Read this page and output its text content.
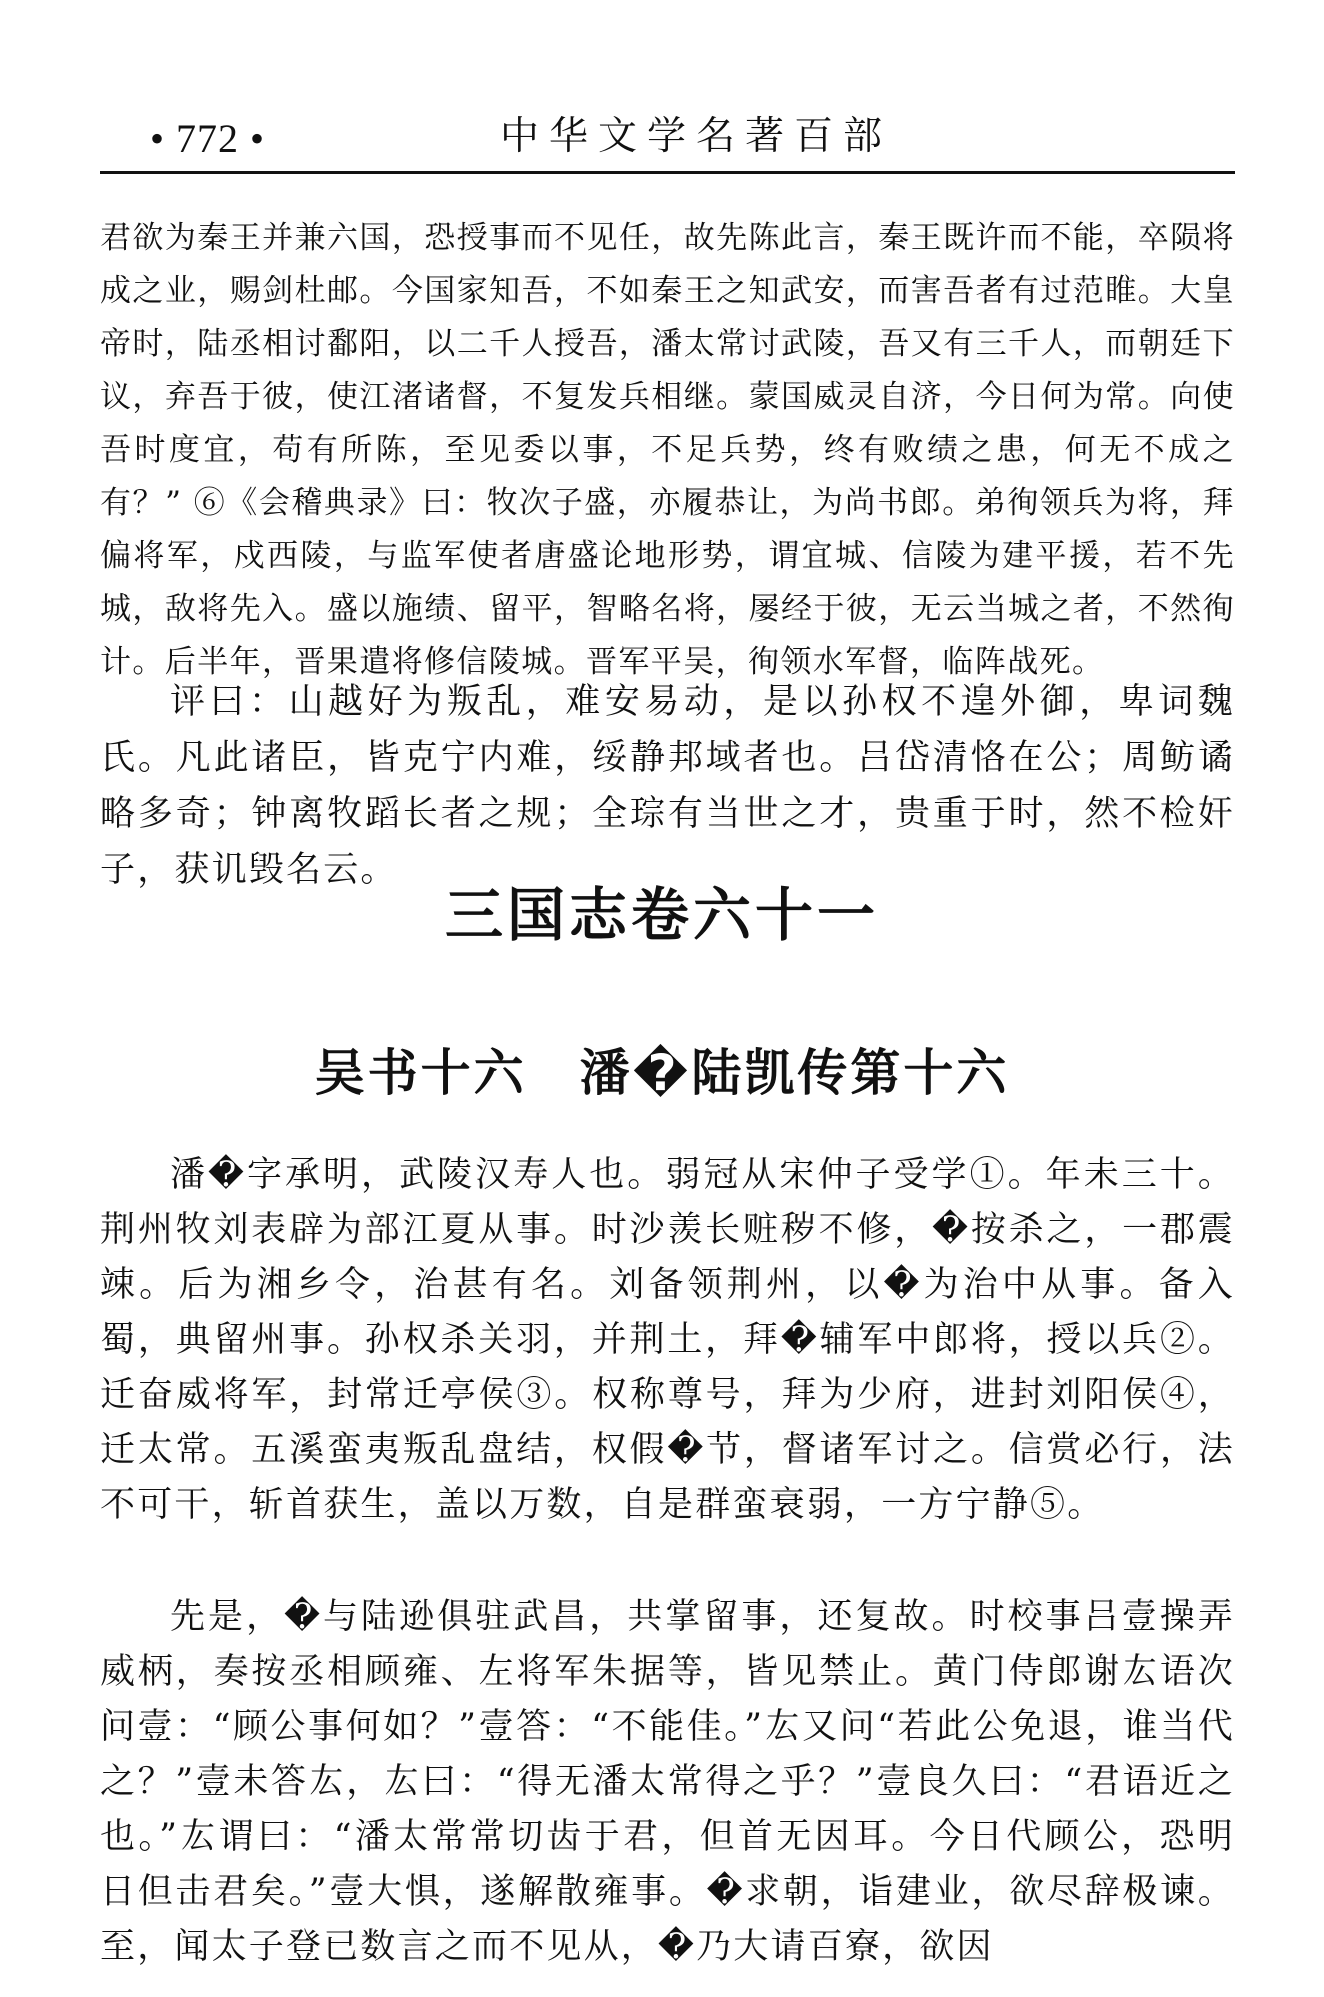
• 772 •	中华文学名著百部

君欲为秦王并兼六国，恐授事而不见任，故先陈此言，秦王既许而不能，卒陨将成之业，赐剑杜邮。今国家知吾，不如秦王之知武安，而害吾者有过范睢。大皇帝时，陆丞相讨鄱阳，以二千人授吾，潘太常讨武陵，吾又有三千人，而朝廷下议，弃吾于彼，使江渚诸督，不复发兵相继。蒙国威灵自济，今日何为常。向使吾时度宜，苟有所陈，至见委以事，不足兵势，终有败绩之患，何无不成之有？” ⑥《会稽典录》曰：牧次子盛，亦履恭让，为尚书郎。弟徇领兵为将，拜偏将军，戍西陵，与监军使者唐盛论地形势，谓宜城、信陵为建平援，若不先城，敌将先入。盛以施绩、留平，智略名将，屡经于彼，无云当城之者，不然徇计。后半年，晋果遣将修信陵城。晋军平吴，徇领水军督，临阵战死。

评曰：山越好为叛乱，难安易动，是以孙权不遑外御，卑词魏氏。凡此诸臣，皆克宁内难，绥静邦域者也。吕岱清恪在公；周鲂谲略多奇；钟离牧蹈长者之规；全琮有当世之才，贵重于时，然不检奸子，获讥毁名云。

三国志卷六十一
吴书十六　潘�陆凯传第十六

潘�字承明，武陵汉寿人也。弱冠从宋仲子受学①。年未三十。荆州牧刘表辟为部江夏从事。时沙羡长赃秽不修，�按杀之，一郡震竦。后为湘乡令，治甚有名。刘备领荆州，以�为治中从事。备入蜀，典留州事。孙权杀关羽，并荆土，拜�辅军中郎将，授以兵②。迁奋威将军，封常迁亭侯③。权称尊号，拜为少府，进封刘阳侯④，迁太常。五溪蛮夷叛乱盘结，权假�节，督诸军讨之。信赏必行，法不可干，斩首获生，盖以万数，自是群蛮衰弱，一方宁静⑤。

先是，�与陆逊俱驻武昌，共掌留事，还复故。时校事吕壹操弄威柄，奏按丞相顾雍、左将军朱据等，皆见禁止。黄门侍郎谢厷语次问壹：“顾公事何如？”壹答：“不能佳。”厷又问“若此公免退，谁当代之？”壹未答厷，厷曰：“得无潘太常得之乎？”壹良久曰：“君语近之也。”厷谓曰：“潘太常常切齿于君，但首无因耳。今日代顾公，恐明日但击君矣。”壹大惧，遂解散雍事。�求朝，诣建业，欲尽辞极谏。至，闻太子登已数言之而不见从，�乃大请百寮，欲因
